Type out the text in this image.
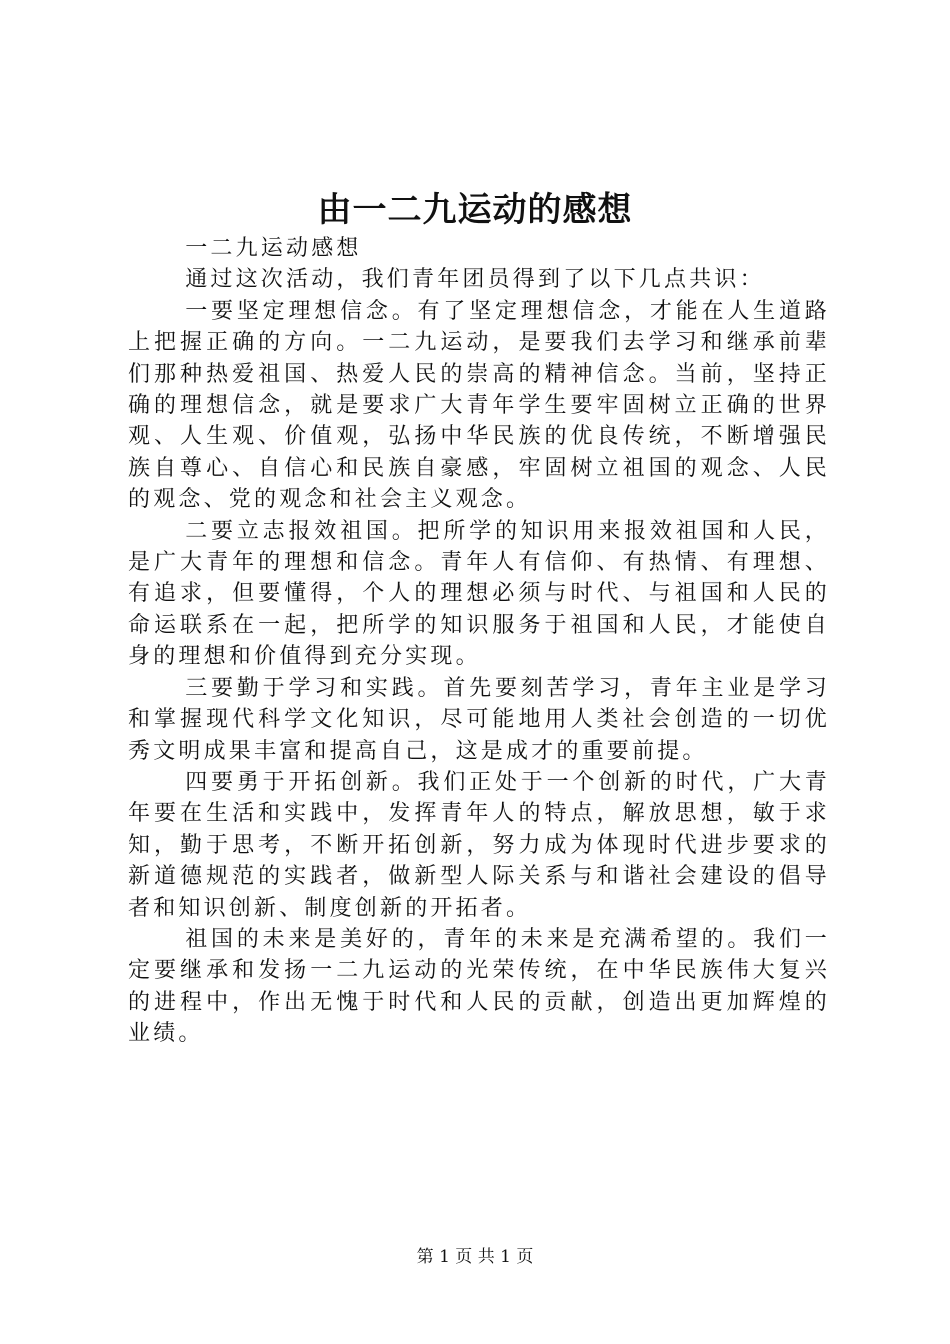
由一二九运动的感想

一二九运动感想

通过这次活动，我们青年团员得到了以下几点共识：

一要坚定理想信念。有了坚定理想信念，才能在人生道路上把握正确的方向。一二九运动，是要我们去学习和继承前辈们那种热爱祖国、热爱人民的崇高的精神信念。当前，坚持正确的理想信念，就是要求广大青年学生要牢固树立正确的世界观、人生观、价值观，弘扬中华民族的优良传统，不断增强民族自尊心、自信心和民族自豪感，牢固树立祖国的观念、人民的观念、党的观念和社会主义观念。

二要立志报效祖国。把所学的知识用来报效祖国和人民，是广大青年的理想和信念。青年人有信仰、有热情、有理想、有追求，但要懂得，个人的理想必须与时代、与祖国和人民的命运联系在一起，把所学的知识服务于祖国和人民，才能使自身的理想和价值得到充分实现。

三要勤于学习和实践。首先要刻苦学习，青年主业是学习和掌握现代科学文化知识，尽可能地用人类社会创造的一切优秀文明成果丰富和提高自己，这是成才的重要前提。

四要勇于开拓创新。我们正处于一个创新的时代，广大青年要在生活和实践中，发挥青年人的特点，解放思想，敏于求知，勤于思考，不断开拓创新，努力成为体现时代进步要求的新道德规范的实践者，做新型人际关系与和谐社会建设的倡导者和知识创新、制度创新的开拓者。

祖国的未来是美好的，青年的未来是充满希望的。我们一定要继承和发扬一二九运动的光荣传统，在中华民族伟大复兴的进程中，作出无愧于时代和人民的贡献，创造出更加辉煌的业绩。

第 1 页 共 1 页
